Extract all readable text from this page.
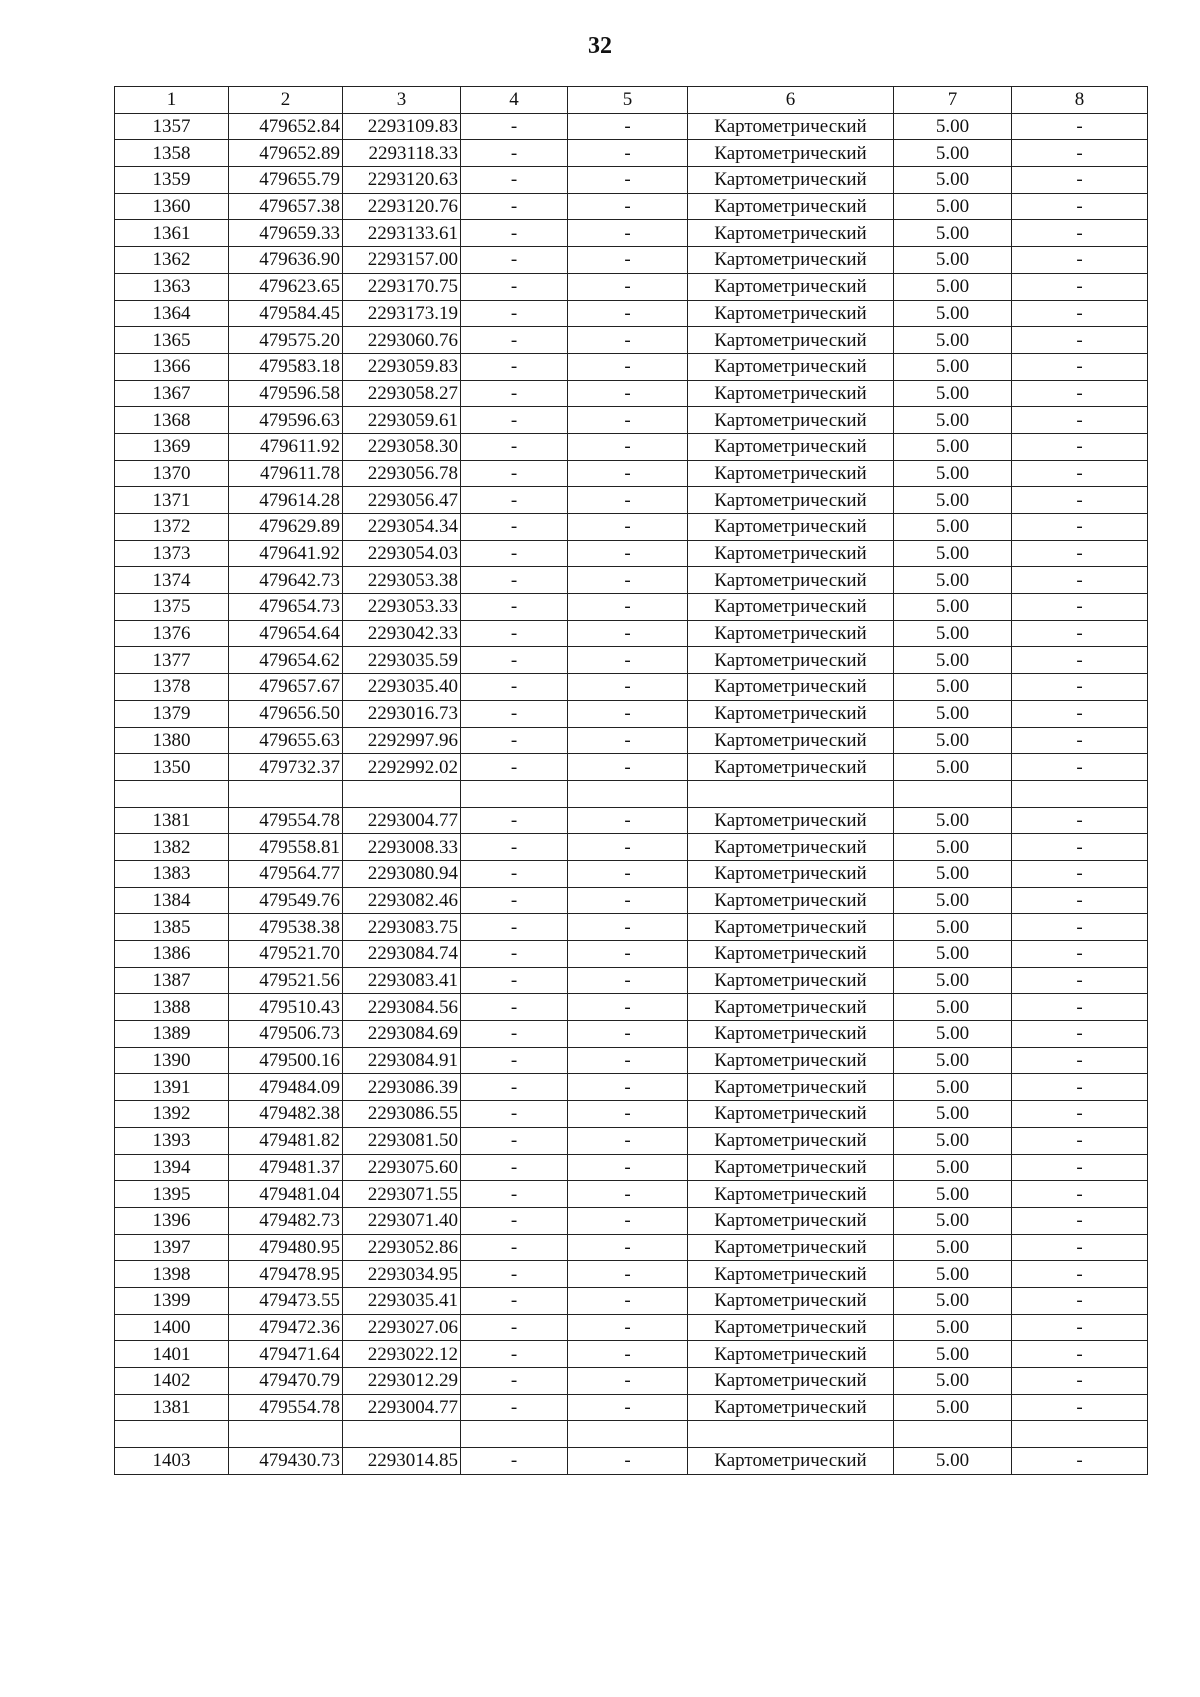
32
1	2	3	4	5	6	7	8
1357	479652.84	2293109.83	-	-	Картометрический	5.00	-
1358	479652.89	2293118.33	-	-	Картометрический	5.00	-
1359	479655.79	2293120.63	-	-	Картометрический	5.00	-
1360	479657.38	2293120.76	-	-	Картометрический	5.00	-
1361	479659.33	2293133.61	-	-	Картометрический	5.00	-
1362	479636.90	2293157.00	-	-	Картометрический	5.00	-
1363	479623.65	2293170.75	-	-	Картометрический	5.00	-
1364	479584.45	2293173.19	-	-	Картометрический	5.00	-
1365	479575.20	2293060.76	-	-	Картометрический	5.00	-
1366	479583.18	2293059.83	-	-	Картометрический	5.00	-
1367	479596.58	2293058.27	-	-	Картометрический	5.00	-
1368	479596.63	2293059.61	-	-	Картометрический	5.00	-
1369	479611.92	2293058.30	-	-	Картометрический	5.00	-
1370	479611.78	2293056.78	-	-	Картометрический	5.00	-
1371	479614.28	2293056.47	-	-	Картометрический	5.00	-
1372	479629.89	2293054.34	-	-	Картометрический	5.00	-
1373	479641.92	2293054.03	-	-	Картометрический	5.00	-
1374	479642.73	2293053.38	-	-	Картометрический	5.00	-
1375	479654.73	2293053.33	-	-	Картометрический	5.00	-
1376	479654.64	2293042.33	-	-	Картометрический	5.00	-
1377	479654.62	2293035.59	-	-	Картометрический	5.00	-
1378	479657.67	2293035.40	-	-	Картометрический	5.00	-
1379	479656.50	2293016.73	-	-	Картометрический	5.00	-
1380	479655.63	2292997.96	-	-	Картометрический	5.00	-
1350	479732.37	2292992.02	-	-	Картометрический	5.00	-

1381	479554.78	2293004.77	-	-	Картометрический	5.00	-
1382	479558.81	2293008.33	-	-	Картометрический	5.00	-
1383	479564.77	2293080.94	-	-	Картометрический	5.00	-
1384	479549.76	2293082.46	-	-	Картометрический	5.00	-
1385	479538.38	2293083.75	-	-	Картометрический	5.00	-
1386	479521.70	2293084.74	-	-	Картометрический	5.00	-
1387	479521.56	2293083.41	-	-	Картометрический	5.00	-
1388	479510.43	2293084.56	-	-	Картометрический	5.00	-
1389	479506.73	2293084.69	-	-	Картометрический	5.00	-
1390	479500.16	2293084.91	-	-	Картометрический	5.00	-
1391	479484.09	2293086.39	-	-	Картометрический	5.00	-
1392	479482.38	2293086.55	-	-	Картометрический	5.00	-
1393	479481.82	2293081.50	-	-	Картометрический	5.00	-
1394	479481.37	2293075.60	-	-	Картометрический	5.00	-
1395	479481.04	2293071.55	-	-	Картометрический	5.00	-
1396	479482.73	2293071.40	-	-	Картометрический	5.00	-
1397	479480.95	2293052.86	-	-	Картометрический	5.00	-
1398	479478.95	2293034.95	-	-	Картометрический	5.00	-
1399	479473.55	2293035.41	-	-	Картометрический	5.00	-
1400	479472.36	2293027.06	-	-	Картометрический	5.00	-
1401	479471.64	2293022.12	-	-	Картометрический	5.00	-
1402	479470.79	2293012.29	-	-	Картометрический	5.00	-
1381	479554.78	2293004.77	-	-	Картометрический	5.00	-

1403	479430.73	2293014.85	-	-	Картометрический	5.00	-
